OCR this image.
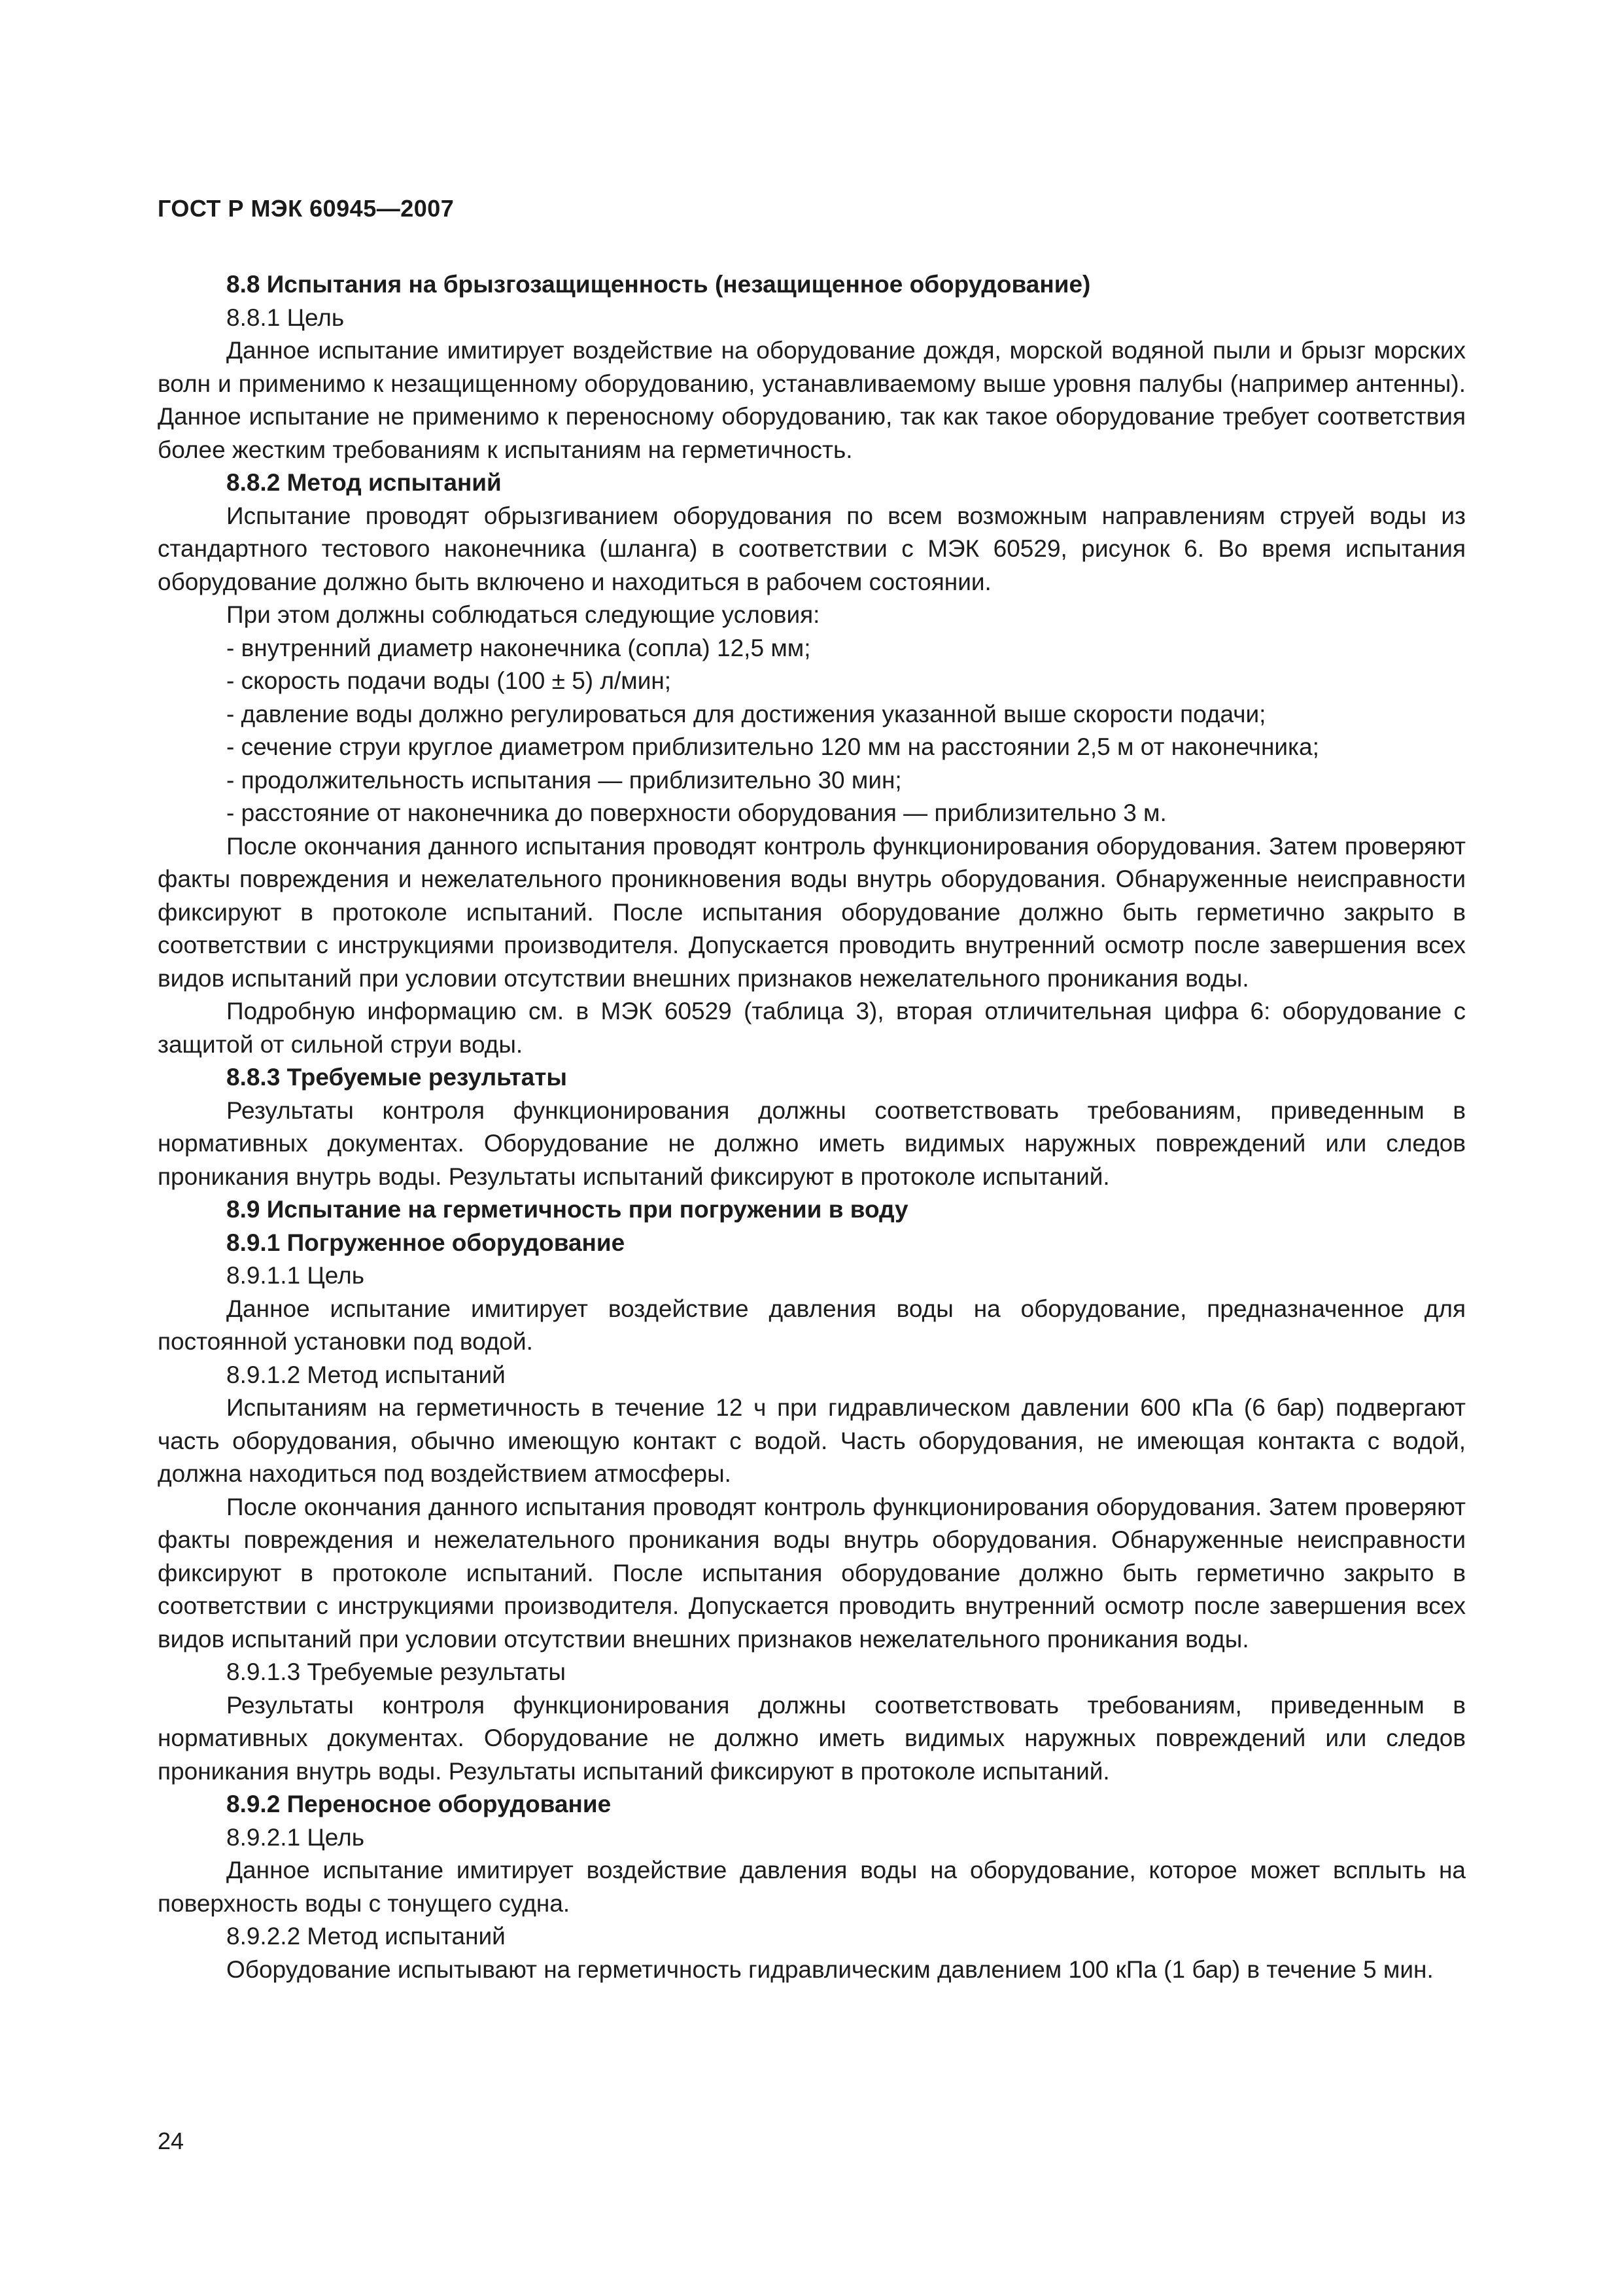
ГОСТ Р МЭК 60945—2007

8.8 Испытания на брызгозащищенность (незащищенное оборудование)

8.8.1 Цель

Данное испытание имитирует воздействие на оборудование дождя, морской водяной пыли и брызг морских волн и применимо к незащищенному оборудованию, устанавливаемому выше уровня палубы (например антенны). Данное испытание не применимо к переносному оборудованию, так как такое оборудование требует соответствия более жестким требованиям к испытаниям на герметичность.

8.8.2 Метод испытаний

Испытание проводят обрызгиванием оборудования по всем возможным направлениям струей воды из стандартного тестового наконечника (шланга) в соответствии с МЭК 60529, рисунок 6. Во время испытания оборудование должно быть включено и находиться в рабочем состоянии.

При этом должны соблюдаться следующие условия:

- внутренний диаметр наконечника (сопла) 12,5 мм;

- скорость подачи воды (100 ± 5) л/мин;

- давление воды должно регулироваться для достижения указанной выше скорости подачи;

- сечение струи круглое диаметром приблизительно 120 мм на расстоянии 2,5 м от наконечника;

- продолжительность испытания — приблизительно 30 мин;

- расстояние от наконечника до поверхности оборудования — приблизительно 3 м.

После окончания данного испытания проводят контроль функционирования оборудования. Затем проверяют факты повреждения и нежелательного проникновения воды внутрь оборудования. Обнаруженные неисправности фиксируют в протоколе испытаний. После испытания оборудование должно быть герметично закрыто в соответствии с инструкциями производителя. Допускается проводить внутренний осмотр после завершения всех видов испытаний при условии отсутствии внешних признаков нежелательного проникания воды.

Подробную информацию см. в МЭК 60529 (таблица 3), вторая отличительная цифра 6: оборудование с защитой от сильной струи воды.

8.8.3 Требуемые результаты

Результаты контроля функционирования должны соответствовать требованиям, приведенным в нормативных документах. Оборудование не должно иметь видимых наружных повреждений или следов проникания внутрь воды. Результаты испытаний фиксируют в протоколе испытаний.

8.9 Испытание на герметичность при погружении в воду

8.9.1 Погруженное оборудование

8.9.1.1 Цель

Данное испытание имитирует воздействие давления воды на оборудование, предназначенное для постоянной установки под водой.

8.9.1.2 Метод испытаний

Испытаниям на герметичность в течение 12 ч при гидравлическом давлении 600 кПа (6 бар) подвергают часть оборудования, обычно имеющую контакт с водой. Часть оборудования, не имеющая контакта с водой, должна находиться под воздействием атмосферы.

После окончания данного испытания проводят контроль функционирования оборудования. Затем проверяют факты повреждения и нежелательного проникания воды внутрь оборудования. Обнаруженные неисправности фиксируют в протоколе испытаний. После испытания оборудование должно быть герметично закрыто в соответствии с инструкциями производителя. Допускается проводить внутренний осмотр после завершения всех видов испытаний при условии отсутствии внешних признаков нежелательного проникания воды.

8.9.1.3 Требуемые результаты

Результаты контроля функционирования должны соответствовать требованиям, приведенным в нормативных документах. Оборудование не должно иметь видимых наружных повреждений или следов проникания внутрь воды. Результаты испытаний фиксируют в протоколе испытаний.

8.9.2 Переносное оборудование

8.9.2.1 Цель

Данное испытание имитирует воздействие давления воды на оборудование, которое может всплыть на поверхность воды с тонущего судна.

8.9.2.2 Метод испытаний

Оборудование испытывают на герметичность гидравлическим давлением 100 кПа (1 бар) в течение 5 мин.

24
